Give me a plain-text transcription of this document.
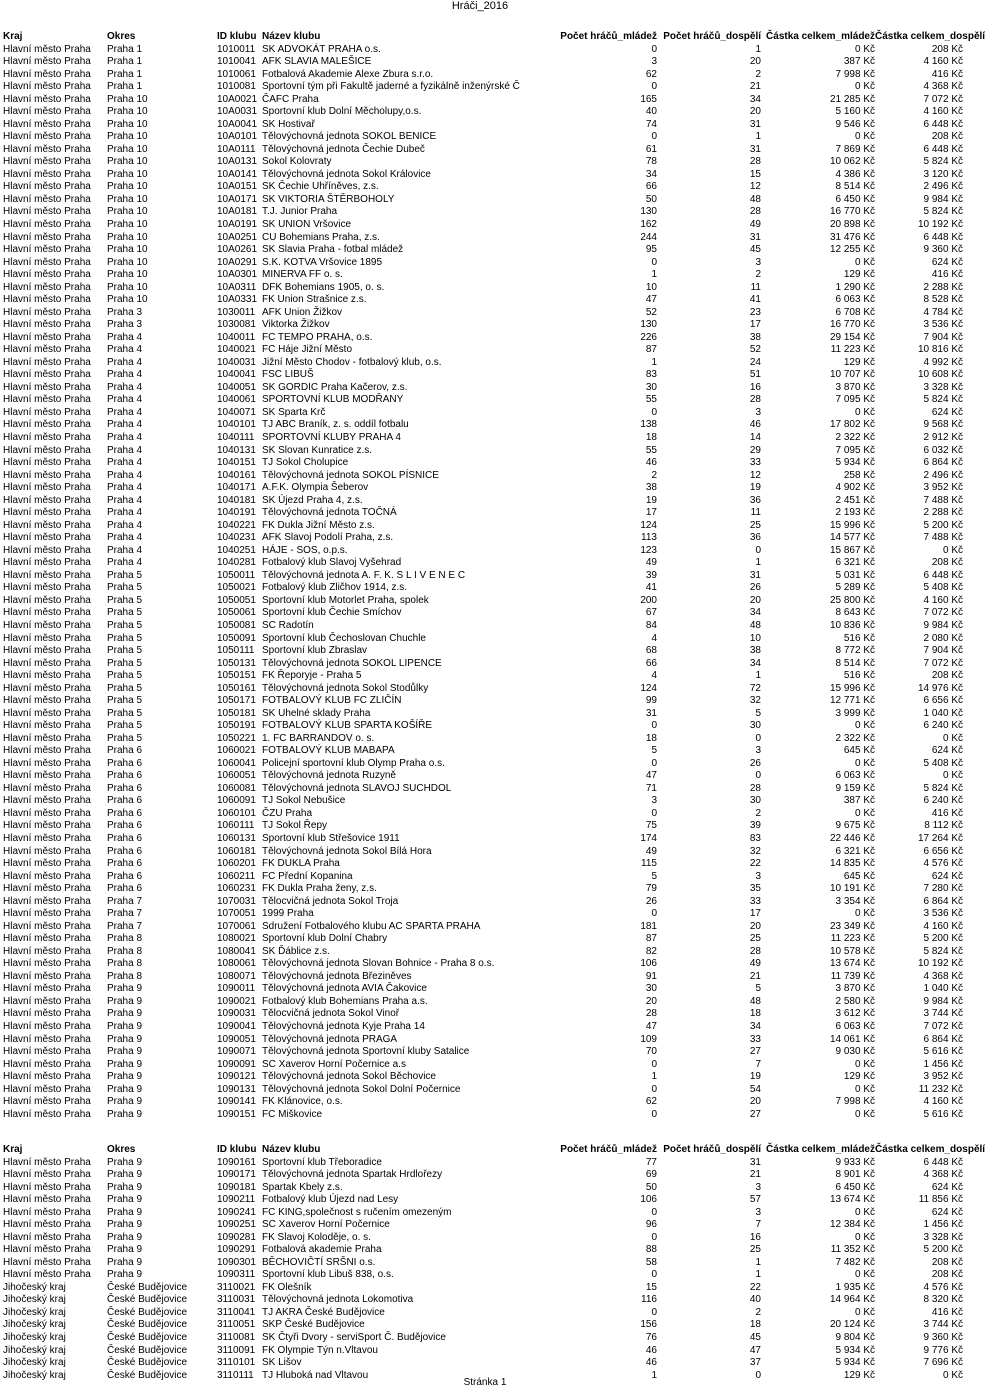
Hráči_2016
Kraj	Okres	ID klubu	Název klubu	Počet hráčů_mládež	Počet hráčů_dospělí	Částka celkem_mládež	Částka celkem_dospělí
Hlavní město Praha	Praha 1	1010011	SK ADVOKÁT PRAHA o.s.	0	1	0 Kč	208 Kč
Hlavní město Praha	Praha 1	1010041	AFK SLAVIA MALEŠICE	3	20	387 Kč	4 160 Kč
Hlavní město Praha	Praha 1	1010061	Fotbalová Akademie Alexe Zbura s.r.o.	62	2	7 998 Kč	416 Kč
Hlavní město Praha	Praha 1	1010081	Sportovní tým při Fakultě jaderné a fyzikálně inženýrské Č	0	21	0 Kč	4 368 Kč
Hlavní město Praha	Praha 10	10A0021	ČAFC Praha	165	34	21 285 Kč	7 072 Kč
Hlavní město Praha	Praha 10	10A0031	Sportovní klub Dolní Měcholupy,o.s.	40	20	5 160 Kč	4 160 Kč
Hlavní město Praha	Praha 10	10A0041	SK Hostivař	74	31	9 546 Kč	6 448 Kč
Hlavní město Praha	Praha 10	10A0101	Tělovýchovná jednota SOKOL BENICE	0	1	0 Kč	208 Kč
Hlavní město Praha	Praha 10	10A0111	Tělovýchovná jednota Čechie Dubeč	61	31	7 869 Kč	6 448 Kč
Hlavní město Praha	Praha 10	10A0131	Sokol Kolovraty	78	28	10 062 Kč	5 824 Kč
Hlavní město Praha	Praha 10	10A0141	Tělovýchovná jednota Sokol Královice	34	15	4 386 Kč	3 120 Kč
Hlavní město Praha	Praha 10	10A0151	SK Čechie Uhříněves, z.s.	66	12	8 514 Kč	2 496 Kč
Hlavní město Praha	Praha 10	10A0171	SK VIKTORIA ŠTĚRBOHOLY	50	48	6 450 Kč	9 984 Kč
Hlavní město Praha	Praha 10	10A0181	T.J. Junior Praha	130	28	16 770 Kč	5 824 Kč
Hlavní město Praha	Praha 10	10A0191	SK UNION Vršovice	162	49	20 898 Kč	10 192 Kč
Hlavní město Praha	Praha 10	10A0251	CU Bohemians Praha, z.s.	244	31	31 476 Kč	6 448 Kč
Hlavní město Praha	Praha 10	10A0261	SK Slavia Praha - fotbal mládež	95	45	12 255 Kč	9 360 Kč
Hlavní město Praha	Praha 10	10A0291	S.K. KOTVA Vršovice 1895	0	3	0 Kč	624 Kč
Hlavní město Praha	Praha 10	10A0301	MINERVA FF o. s.	1	2	129 Kč	416 Kč
Hlavní město Praha	Praha 10	10A0311	DFK Bohemians 1905, o. s.	10	11	1 290 Kč	2 288 Kč
Hlavní město Praha	Praha 10	10A0331	FK Union Strašnice z.s.	47	41	6 063 Kč	8 528 Kč
Hlavní město Praha	Praha 3	1030011	AFK Union Žižkov	52	23	6 708 Kč	4 784 Kč
Hlavní město Praha	Praha 3	1030081	Viktorka Žižkov	130	17	16 770 Kč	3 536 Kč
Hlavní město Praha	Praha 4	1040011	FC TEMPO PRAHA, o.s.	226	38	29 154 Kč	7 904 Kč
Hlavní město Praha	Praha 4	1040021	FC Háje Jižní Město	87	52	11 223 Kč	10 816 Kč
Hlavní město Praha	Praha 4	1040031	Jižní Město Chodov - fotbalový klub, o.s.	1	24	129 Kč	4 992 Kč
Hlavní město Praha	Praha 4	1040041	FSC LIBUŠ	83	51	10 707 Kč	10 608 Kč
Hlavní město Praha	Praha 4	1040051	SK GORDIC Praha Kačerov, z.s.	30	16	3 870 Kč	3 328 Kč
Hlavní město Praha	Praha 4	1040061	SPORTOVNÍ KLUB MODŘANY	55	28	7 095 Kč	5 824 Kč
Hlavní město Praha	Praha 4	1040071	SK Sparta Krč	0	3	0 Kč	624 Kč
Hlavní město Praha	Praha 4	1040101	TJ ABC Braník, z. s. oddíl fotbalu	138	46	17 802 Kč	9 568 Kč
Hlavní město Praha	Praha 4	1040111	SPORTOVNÍ KLUBY PRAHA 4	18	14	2 322 Kč	2 912 Kč
Hlavní město Praha	Praha 4	1040131	SK Slovan Kunratice z.s.	55	29	7 095 Kč	6 032 Kč
Hlavní město Praha	Praha 4	1040151	TJ Sokol Cholupice	46	33	5 934 Kč	6 864 Kč
Hlavní město Praha	Praha 4	1040161	Tělovýchovná jednota SOKOL PÍSNICE	2	12	258 Kč	2 496 Kč
Hlavní město Praha	Praha 4	1040171	A.F.K. Olympia Šeberov	38	19	4 902 Kč	3 952 Kč
Hlavní město Praha	Praha 4	1040181	SK Újezd Praha 4, z.s.	19	36	2 451 Kč	7 488 Kč
Hlavní město Praha	Praha 4	1040191	Tělovýchovná jednota TOČNÁ	17	11	2 193 Kč	2 288 Kč
Hlavní město Praha	Praha 4	1040221	FK Dukla Jižní Město z.s.	124	25	15 996 Kč	5 200 Kč
Hlavní město Praha	Praha 4	1040231	AFK Slavoj Podolí Praha, z.s.	113	36	14 577 Kč	7 488 Kč
Hlavní město Praha	Praha 4	1040251	HÁJE - SOS, o.p.s.	123	0	15 867 Kč	0 Kč
Hlavní město Praha	Praha 4	1040281	Fotbalový klub Slavoj Vyšehrad	49	1	6 321 Kč	208 Kč
Hlavní město Praha	Praha 5	1050011	Tělovýchovná jednota A. F. K. S L I V E N E C	39	31	5 031 Kč	6 448 Kč
Hlavní město Praha	Praha 5	1050021	Fotbalový klub Zličhov 1914, z.s.	41	26	5 289 Kč	5 408 Kč
Hlavní město Praha	Praha 5	1050051	Sportovní klub Motorlet Praha, spolek	200	20	25 800 Kč	4 160 Kč
Hlavní město Praha	Praha 5	1050061	Sportovní klub Čechie Smíchov	67	34	8 643 Kč	7 072 Kč
Hlavní město Praha	Praha 5	1050081	SC Radotín	84	48	10 836 Kč	9 984 Kč
Hlavní město Praha	Praha 5	1050091	Sportovní klub Čechoslovan Chuchle	4	10	516 Kč	2 080 Kč
Hlavní město Praha	Praha 5	1050111	Sportovní klub Zbraslav	68	38	8 772 Kč	7 904 Kč
Hlavní město Praha	Praha 5	1050131	Tělovýchovná jednota SOKOL LIPENCE	66	34	8 514 Kč	7 072 Kč
Hlavní město Praha	Praha 5	1050151	FK Řeporyje - Praha 5	4	1	516 Kč	208 Kč
Hlavní město Praha	Praha 5	1050161	Tělovýchovná jednota Sokol Stodůlky	124	72	15 996 Kč	14 976 Kč
Hlavní město Praha	Praha 5	1050171	FOTBALOVÝ KLUB FC ZLIČÍN	99	32	12 771 Kč	6 656 Kč
Hlavní město Praha	Praha 5	1050181	SK Uhelné sklady Praha	31	5	3 999 Kč	1 040 Kč
Hlavní město Praha	Praha 5	1050191	FOTBALOVÝ KLUB SPARTA KOŠÍŘE	0	30	0 Kč	6 240 Kč
Hlavní město Praha	Praha 5	1050221	1. FC BARRANDOV o. s.	18	0	2 322 Kč	0 Kč
Hlavní město Praha	Praha 6	1060021	FOTBALOVÝ KLUB MABAPA	5	3	645 Kč	624 Kč
Hlavní město Praha	Praha 6	1060041	Policejní sportovní klub Olymp Praha o.s.	0	26	0 Kč	5 408 Kč
Hlavní město Praha	Praha 6	1060051	Tělovýchovná jednota Ruzyně	47	0	6 063 Kč	0 Kč
Hlavní město Praha	Praha 6	1060081	Tělovýchovná jednota SLAVOJ SUCHDOL	71	28	9 159 Kč	5 824 Kč
Hlavní město Praha	Praha 6	1060091	TJ Sokol Nebušice	3	30	387 Kč	6 240 Kč
Hlavní město Praha	Praha 6	1060101	ČZU Praha	0	2	0 Kč	416 Kč
Hlavní město Praha	Praha 6	1060111	TJ Sokol Řepy	75	39	9 675 Kč	8 112 Kč
Hlavní město Praha	Praha 6	1060131	Sportovní klub Střešovice 1911	174	83	22 446 Kč	17 264 Kč
Hlavní město Praha	Praha 6	1060181	Tělovýchovná jednota Sokol Bílá Hora	49	32	6 321 Kč	6 656 Kč
Hlavní město Praha	Praha 6	1060201	FK DUKLA Praha	115	22	14 835 Kč	4 576 Kč
Hlavní město Praha	Praha 6	1060211	FC Přední Kopanina	5	3	645 Kč	624 Kč
Hlavní město Praha	Praha 6	1060231	FK Dukla Praha ženy, z.s.	79	35	10 191 Kč	7 280 Kč
Hlavní město Praha	Praha 7	1070031	Tělocvičná jednota Sokol Troja	26	33	3 354 Kč	6 864 Kč
Hlavní město Praha	Praha 7	1070051	1999 Praha	0	17	0 Kč	3 536 Kč
Hlavní město Praha	Praha 7	1070061	Sdružení Fotbalového klubu AC SPARTA PRAHA	181	20	23 349 Kč	4 160 Kč
Hlavní město Praha	Praha 8	1080021	Sportovní klub Dolní Chabry	87	25	11 223 Kč	5 200 Kč
Hlavní město Praha	Praha 8	1080041	SK Ďáblice z.s.	82	28	10 578 Kč	5 824 Kč
Hlavní město Praha	Praha 8	1080061	Tělovýchovná jednota Slovan Bohnice - Praha 8 o.s.	106	49	13 674 Kč	10 192 Kč
Hlavní město Praha	Praha 8	1080071	Tělovýchovná jednota Březiněves	91	21	11 739 Kč	4 368 Kč
Hlavní město Praha	Praha 9	1090011	Tělovýchovná jednota AVIA Čakovice	30	5	3 870 Kč	1 040 Kč
Hlavní město Praha	Praha 9	1090021	Fotbalový klub Bohemians Praha a.s.	20	48	2 580 Kč	9 984 Kč
Hlavní město Praha	Praha 9	1090031	Tělocvičná jednota Sokol Vinoř	28	18	3 612 Kč	3 744 Kč
Hlavní město Praha	Praha 9	1090041	Tělovýchovná jednota Kyje Praha 14	47	34	6 063 Kč	7 072 Kč
Hlavní město Praha	Praha 9	1090051	Tělovýchovná jednota PRAGA	109	33	14 061 Kč	6 864 Kč
Hlavní město Praha	Praha 9	1090071	Tělovýchovná jednota Sportovní kluby Satalice	70	27	9 030 Kč	5 616 Kč
Hlavní město Praha	Praha 9	1090091	SC Xaverov Horní Počernice a.s	0	7	0 Kč	1 456 Kč
Hlavní město Praha	Praha 9	1090121	Tělovýchovná jednota Sokol Běchovice	1	19	129 Kč	3 952 Kč
Hlavní město Praha	Praha 9	1090131	Tělovýchovná jednota Sokol Dolní Počernice	0	54	0 Kč	11 232 Kč
Hlavní město Praha	Praha 9	1090141	FK Klánovice, o.s.	62	20	7 998 Kč	4 160 Kč
Hlavní město Praha	Praha 9	1090151	FC Miškovice	0	27	0 Kč	5 616 Kč
Kraj	Okres	ID klubu	Název klubu	Počet hráčů_mládež	Počet hráčů_dospělí	Částka celkem_mládež	Částka celkem_dospělí
Hlavní město Praha	Praha 9	1090161	Sportovní klub Třeboradice	77	31	9 933 Kč	6 448 Kč
Hlavní město Praha	Praha 9	1090171	Tělovýchovná jednota Spartak Hrdlořezy	69	21	8 901 Kč	4 368 Kč
Hlavní město Praha	Praha 9	1090181	Spartak Kbely z.s.	50	3	6 450 Kč	624 Kč
Hlavní město Praha	Praha 9	1090211	Fotbalový klub Újezd nad Lesy	106	57	13 674 Kč	11 856 Kč
Hlavní město Praha	Praha 9	1090241	FC KING,společnost s ručením omezeným	0	3	0 Kč	624 Kč
Hlavní město Praha	Praha 9	1090251	SC Xaverov Horní Počernice	96	7	12 384 Kč	1 456 Kč
Hlavní město Praha	Praha 9	1090281	FK Slavoj Koloděje, o. s.	0	16	0 Kč	3 328 Kč
Hlavní město Praha	Praha 9	1090291	Fotbalová akademie Praha	88	25	11 352 Kč	5 200 Kč
Hlavní město Praha	Praha 9	1090301	BĚCHOVIČTÍ SRŠNI o.s.	58	1	7 482 Kč	208 Kč
Hlavní město Praha	Praha 9	1090311	Sportovní klub Libuš 838, o.s.	0	1	0 Kč	208 Kč
Jihočeský kraj	České Budějovice	3110021	FK Olešník	15	22	1 935 Kč	4 576 Kč
Jihočeský kraj	České Budějovice	3110031	Tělovýchovná jednota Lokomotiva	116	40	14 964 Kč	8 320 Kč
Jihočeský kraj	České Budějovice	3110041	TJ AKRA České Budějovice	0	2	0 Kč	416 Kč
Jihočeský kraj	České Budějovice	3110051	SKP České Budějovice	156	18	20 124 Kč	3 744 Kč
Jihočeský kraj	České Budějovice	3110081	SK Čtyři Dvory - serviSport Č. Budějovice	76	45	9 804 Kč	9 360 Kč
Jihočeský kraj	České Budějovice	3110091	FK Olympie Týn n.Vltavou	46	47	5 934 Kč	9 776 Kč
Jihočeský kraj	České Budějovice	3110101	SK Lišov	46	37	5 934 Kč	7 696 Kč
Jihočeský kraj	České Budějovice	3110111	TJ Hluboká nad Vltavou	1	0	129 Kč	0 Kč
Stránka 1
